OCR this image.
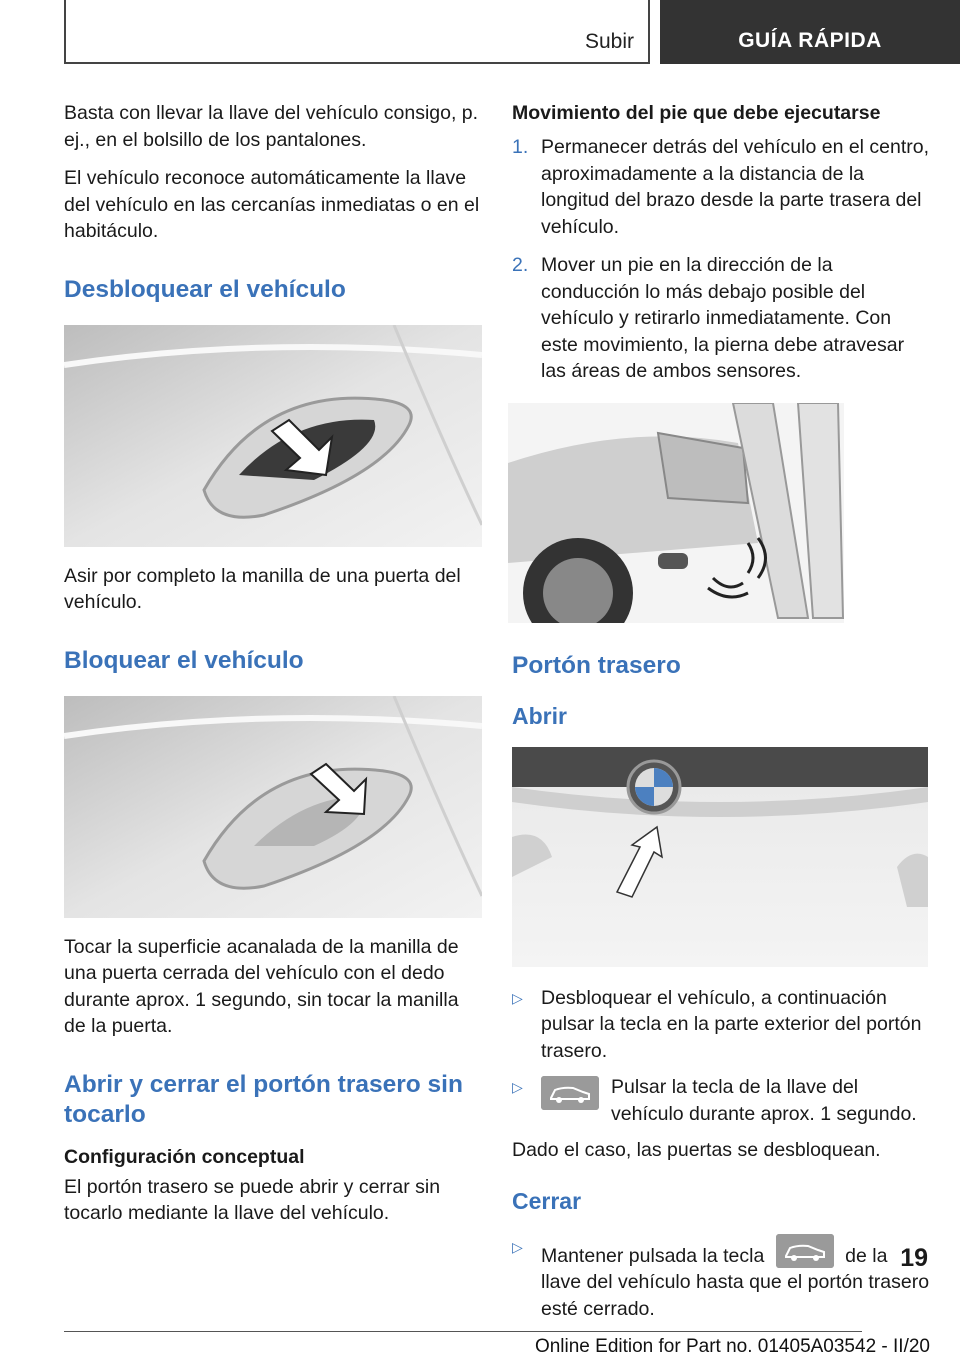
Subir	GUÍA RÁPIDA

Basta con llevar la llave del vehículo consigo, p. ej., en el bolsillo de los pantalones.

El vehículo reconoce automáticamente la llave del vehículo en las cercanías inmediatas o en el habitáculo.

Desbloquear el vehículo

Asir por completo la manilla de una puerta del vehículo.

Bloquear el vehículo

Tocar la superficie acanalada de la manilla de una puerta cerrada del vehículo con el dedo durante aprox. 1 segundo, sin tocar la manilla de la puerta.

Abrir y cerrar el portón trasero sin tocarlo
Configuración conceptual

El portón trasero se puede abrir y cerrar sin tocarlo mediante la llave del vehículo.

Movimiento del pie que debe ejecutarse
1. Permanecer detrás del vehículo en el centro, aproximadamente a la distancia de la longitud del brazo desde la parte trasera del vehículo.
2. Mover un pie en la dirección de la conducción lo más debajo posible del vehículo y retirarlo inmediatamente. Con este movimiento, la pierna debe atravesar las áreas de ambos sensores.
Portón trasero
Abrir
▷ Desbloquear el vehículo, a continuación pulsar la tecla en la parte exterior del portón trasero.
▷	Pulsar la tecla de la llave del vehículo durante aprox. 1 segundo.

Dado el caso, las puertas se desbloquean.

Cerrar
▷ Mantener pulsada la tecla	de la llave del vehículo hasta que el portón trasero esté cerrado.
19
Online Edition for Part no. 01405A03542 - II/20
